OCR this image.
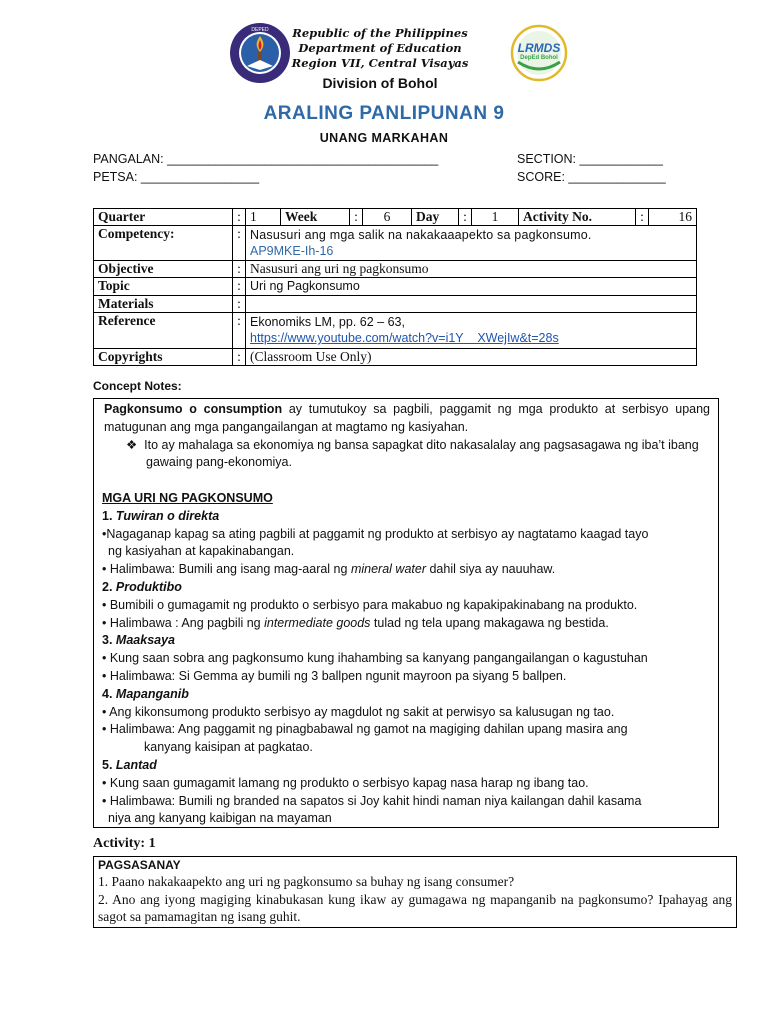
DEPED
LRMDS
DepEd Bohol
Republic of the Philippines
Department of Education
Region VII, Central Visayas
Division of Bohol
ARALING PANLIPUNAN 9
UNANG MARKAHAN
PANGALAN: _______________________________________	SECTION: ____________
PETSA: _________________	SCORE: ______________
Quarter	:	1	Week	:	6	Day	:	1	Activity No.	:	16

Competency:	:	Nasusuri ang mga salik na nakakaaapekto sa pagkonsumo.
AP9MKE-Ih-16

Objective	:	Nasusuri ang uri ng pagkonsumo
Topic	:	Uri ng Pagkonsumo
Materials	:	
Reference	:	Ekonomiks LM, pp. 62 – 63,
https://www.youtube.com/watch?v=i1Y    XWejIw&t=28s

Copyrights	:	(Classroom Use Only)
Concept Notes:

Pagkonsumo o consumption ay tumutukoy sa pagbili, paggamit ng mga produkto at serbisyo upang matugunan ang mga pangangailangan at magtamo ng kasiyahan.

❖  Ito ay mahalaga sa ekonomiya ng bansa sapagkat dito nakasalalay ang pagsasagawa ng iba’t ibang gawaing pang-ekonomiya.

MGA URI NG PAGKONSUMO

1. Tuwiran o direkta

•Nagaganap kapag sa ating pagbili at paggamit ng produkto at serbisyo ay nagtatamo kaagad tayo

ng kasiyahan at kapakinabangan.

• Halimbawa: Bumili ang isang mag-aaral ng mineral water dahil siya ay nauuhaw.

2. Produktibo

• Bumibili o gumagamit ng produkto o serbisyo para makabuo ng kapakipakinabang na produkto.

• Halimbawa : Ang pagbili ng intermediate goods tulad ng tela upang makagawa ng bestida.

3. Maaksaya

• Kung saan sobra ang pagkonsumo kung ihahambing sa kanyang pangangailangan o kagustuhan

• Halimbawa: Si Gemma ay bumili ng 3 ballpen ngunit mayroon pa siyang 5 ballpen.

4. Mapanganib

• Ang kikonsumong produkto serbisyo ay magdulot ng sakit at perwisyo sa kalusugan ng tao.

• Halimbawa: Ang paggamit ng pinagbabawal ng gamot na magiging dahilan upang masira ang

kanyang kaisipan at pagkatao.

5. Lantad

• Kung saan gumagamit lamang ng produkto o serbisyo kapag nasa harap ng ibang tao.

• Halimbawa: Bumili ng branded na sapatos si Joy kahit hindi naman niya kailangan dahil kasama

niya ang kanyang kaibigan na mayaman

Activity: 1
PAGSASANAY
1. Paano nakakaapekto ang uri ng pagkonsumo sa buhay ng isang consumer?
2. Ano ang iyong magiging kinabukasan kung ikaw ay gumagawa ng mapanganib na pagkonsumo? Ipahayag ang sagot sa pamamagitan ng isang guhit.
